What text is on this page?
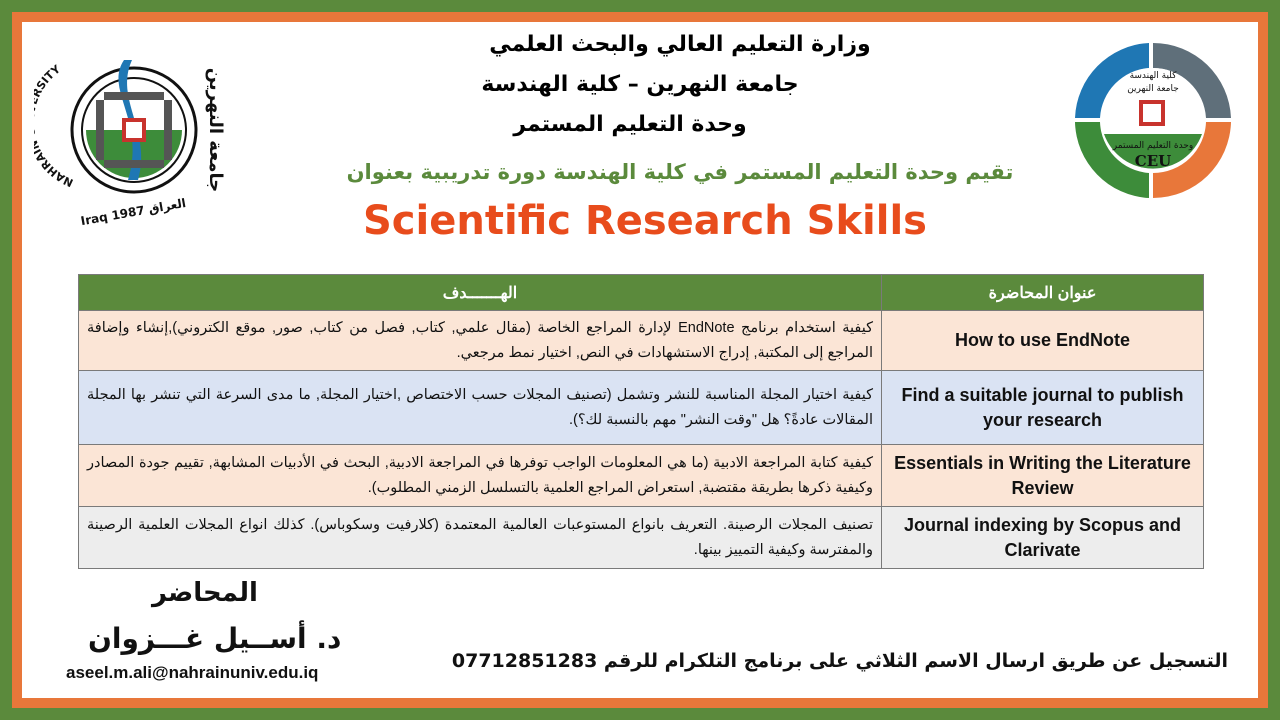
NAHRA SITY	جامعة النهرين
Iraq 1987 العراق
كلية الهندسة
جامعة النهرين
وحدة التعليم المستمر
CEU
وزارة التعليم العالي والبحث العلمي
جامعة النهرين – كلية الهندسة
وحدة التعليم المستمر
تقيم وحدة التعليم المستمر في كلية الهندسة دورة تدريبية بعنوان
Scientific Research Skills
عنوان المحاضرة	الهـــــــدف
How to use EndNote	كيفية استخدام برنامج EndNote لإدارة المراجع الخاصة (مقال علمي, كتاب, فصل من كتاب, صور, موقع الكتروني),إنشاء وإضافة المراجع إلى المكتبة, إدراج الاستشهادات في النص, اختيار نمط مرجعي.
Find a suitable journal to publish your research	كيفية اختيار المجلة المناسبة للنشر وتشمل (تصنيف المجلات حسب الاختصاص ,اختيار المجلة, ما مدى السرعة التي تنشر بها المجلة المقالات عادةً؟ هل "وقت النشر" مهم بالنسبة لك؟).
Essentials in Writing the Literature Review	كيفية كتابة المراجعة الادبية (ما هي المعلومات الواجب توفرها في المراجعة الادبية, البحث في الأدبيات المشابهة, تقييم جودة المصادر وكيفية ذكرها بطريقة مقتضبة, استعراض المراجع العلمية بالتسلسل الزمني المطلوب).
Journal indexing by Scopus and Clarivate	تصنيف المجلات الرصينة. التعريف بانواع المستوعبات العالمية المعتمدة (كلارفيت وسكوباس). كذلك انواع المجلات العلمية الرصينة والمفترسة وكيفية التمييز بينها.
المحاضر
د. أســيل غـــزوان
aseel.m.ali@nahrainuniv.edu.iq
التسجيل عن طريق ارسال الاسم الثلاثي على برنامج التلكرام للرقم 07712851283
